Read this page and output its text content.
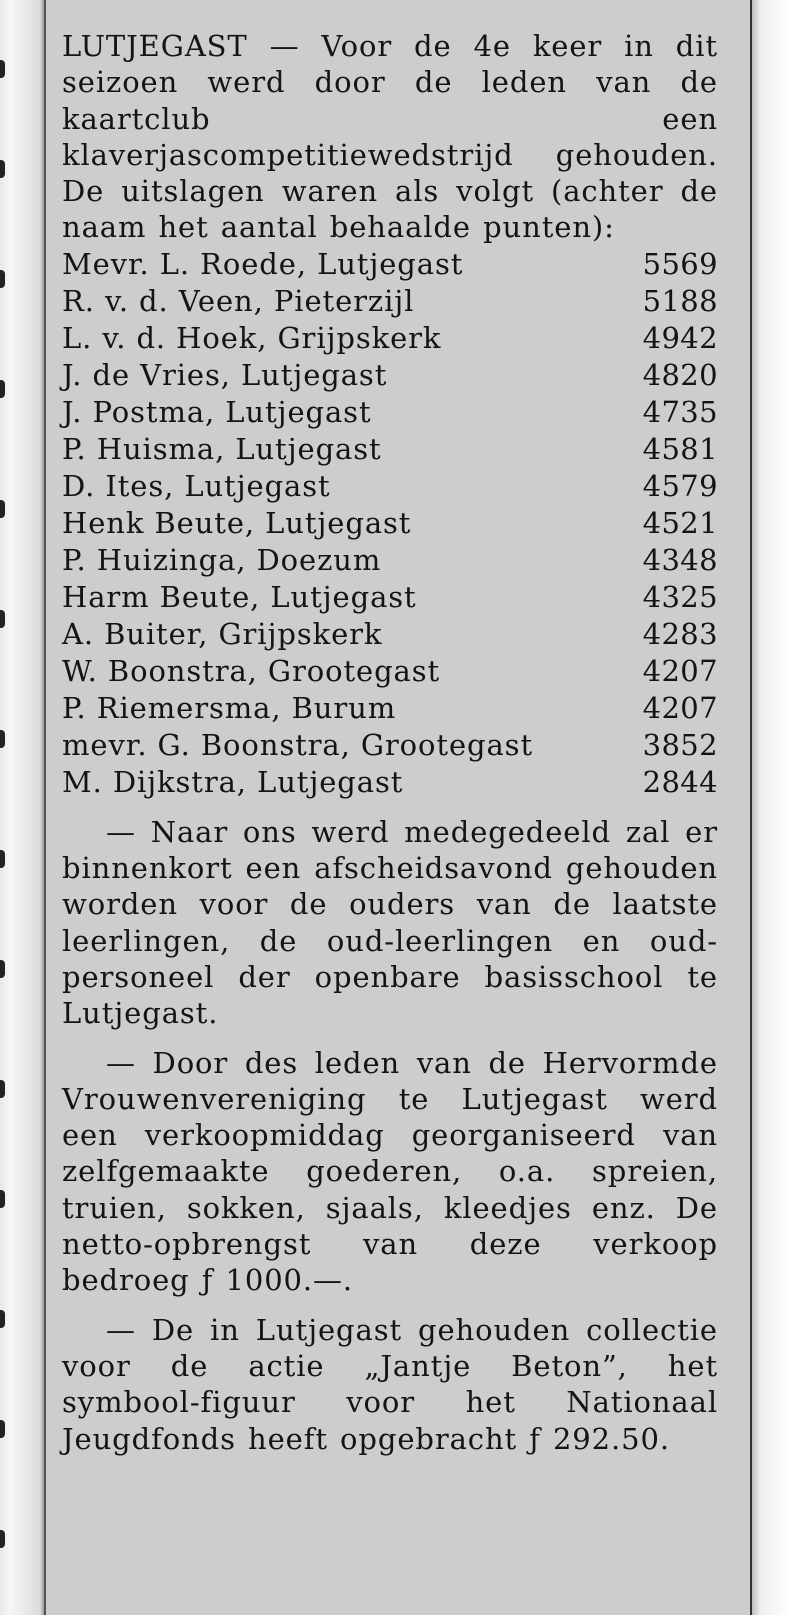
LUTJEGAST — Voor de 4e keer in dit seizoen werd door de leden van de kaartclub een klaverjascompetitiewedstrijd gehouden. De uitslagen waren als volgt (achter de naam het aantal behaalde punten):

Mevr. L. Roede, Lutjegast	5569
R. v. d. Veen, Pieterzijl	5188
L. v. d. Hoek, Grijpskerk	4942
J. de Vries, Lutjegast	4820
J. Postma, Lutjegast	4735
P. Huisma, Lutjegast	4581
D. Ites, Lutjegast	4579
Henk Beute, Lutjegast	4521
P. Huizinga, Doezum	4348
Harm Beute, Lutjegast	4325
A. Buiter, Grijpskerk	4283
W. Boonstra, Grootegast	4207
P. Riemersma, Burum	4207
mevr. G. Boonstra, Grootegast	3852
M. Dijkstra, Lutjegast	2844

— Naar ons werd medegedeeld zal er binnenkort een afscheidsavond gehouden worden voor de ouders van de laatste leerlingen, de oud-leerlingen en oud-personeel der openbare basisschool te Lutjegast.

— Door des leden van de Hervormde Vrouwenvereniging te Lutjegast werd een verkoopmiddag georganiseerd van zelfgemaakte goederen, o.a. spreien, truien, sokken, sjaals, kleedjes enz. De netto-opbrengst van deze verkoop bedroeg ƒ 1000.—.

— De in Lutjegast gehouden collectie voor de actie „Jantje Beton”, het symbool-figuur voor het Nationaal Jeugdfonds heeft opgebracht ƒ 292.50.
